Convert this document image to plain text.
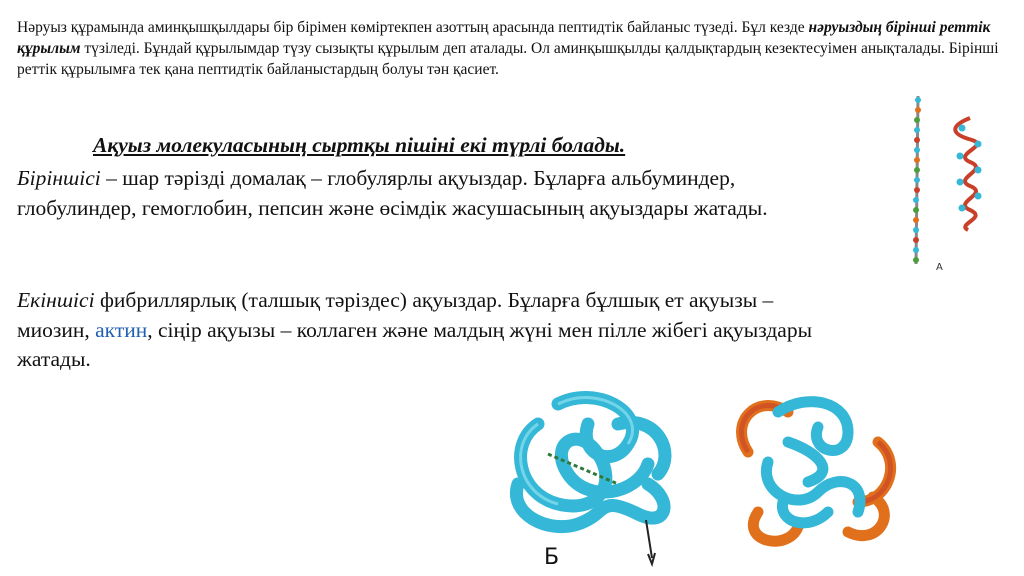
Нәруыз құрамында аминқышқылдары бір бірімен көміртекпен азоттың арасында пептидтік байланыс түзеді. Бұл кезде нәруыздың бірінші реттік құрылым түзіледі. Бұндай құрылымдар түзу сызықты құрылым деп аталады. Ол аминқышқылды қалдықтардың кезектесуімен анықталады. Бірінші реттік құрылымға тек қана пептидтік байланыстардың болуы тән қасиет.
Ақуыз молекуласының сыртқы пішіні екі түрлі болады.
Біріншісі – шар тәрізді домалақ – глобулярлы ақуыздар. Бұларға альбуминдер, глобулиндер, гемоглобин, пепсин және өсімдік жасушасының ақуыздары жатады.
Екіншісі фибриллярлық (талшық тәріздес) ақуыздар. Бұларға бұлшық ет ақуызы – миозин, актин, сіңір ақуызы – коллаген және малдың жүні мен пілле жібегі ақуыздары жатады.
А
Б
